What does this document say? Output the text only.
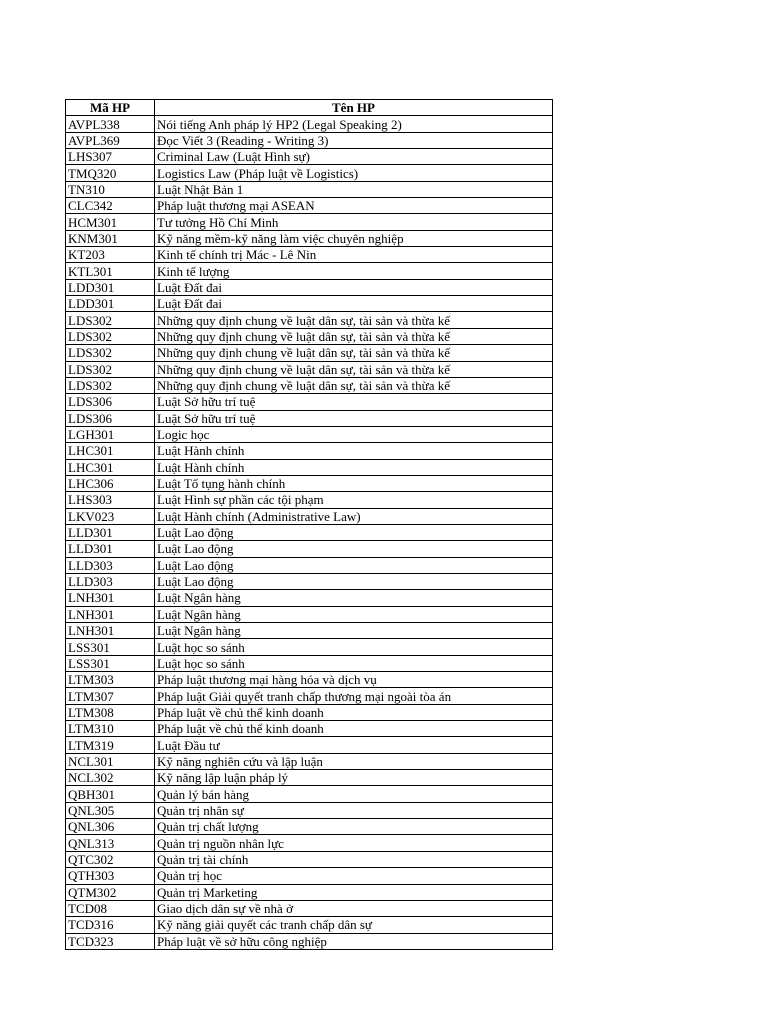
Mã HP	Tên HP
AVPL338	Nói tiếng Anh pháp lý HP2 (Legal Speaking 2)
AVPL369	Đọc Viết 3 (Reading - Writing 3)
LHS307	Criminal Law (Luật Hình sự)
TMQ320	Logistics Law (Pháp luật về Logistics)
TN310	Luật Nhật Bản 1
CLC342	Pháp luật thương mại ASEAN
HCM301	Tư tưởng Hồ Chí Minh
KNM301	Kỹ năng mềm-kỹ năng làm việc chuyên nghiệp
KT203	Kinh tế chính trị Mác - Lê Nin
KTL301	Kinh tế lượng
LDD301	Luật Đất đai
LDD301	Luật Đất đai
LDS302	Những quy định chung về luật dân sự, tài sản và thừa kế
LDS302	Những quy định chung về luật dân sự, tài sản và thừa kế
LDS302	Những quy định chung về luật dân sự, tài sản và thừa kế
LDS302	Những quy định chung về luật dân sự, tài sản và thừa kế
LDS302	Những quy định chung về luật dân sự, tài sản và thừa kế
LDS306	Luật Sở hữu trí tuệ
LDS306	Luật Sở hữu trí tuệ
LGH301	Logic học
LHC301	Luật Hành chính
LHC301	Luật Hành chính
LHC306	Luật Tố tụng hành chính
LHS303	Luật Hình sự phần các tội phạm
LKV023	Luật Hành chính (Administrative Law)
LLD301	Luật Lao động
LLD301	Luật Lao động
LLD303	Luật Lao động
LLD303	Luật Lao động
LNH301	Luật Ngân hàng
LNH301	Luật Ngân hàng
LNH301	Luật Ngân hàng
LSS301	Luật học so sánh
LSS301	Luật học so sánh
LTM303	Pháp luật thương mại hàng hóa và dịch vụ
LTM307	Pháp luật Giải quyết tranh chấp thương mại ngoài tòa án
LTM308	Pháp luật về chủ thể kinh doanh
LTM310	Pháp luật về chủ thể kinh doanh
LTM319	Luật Đầu tư
NCL301	Kỹ năng nghiên cứu và lập luận
NCL302	Kỹ năng lập luận pháp lý
QBH301	Quản lý bán hàng
QNL305	Quản trị nhân sự
QNL306	Quản trị chất lượng
QNL313	Quản trị nguồn nhân lực
QTC302	Quản trị tài chính
QTH303	Quản trị học
QTM302	Quản trị Marketing
TCD08	Giao dịch dân sự về nhà ở
TCD316	Kỹ năng giải quyết các tranh chấp dân sự
TCD323	Pháp luật về sở hữu công nghiệp
